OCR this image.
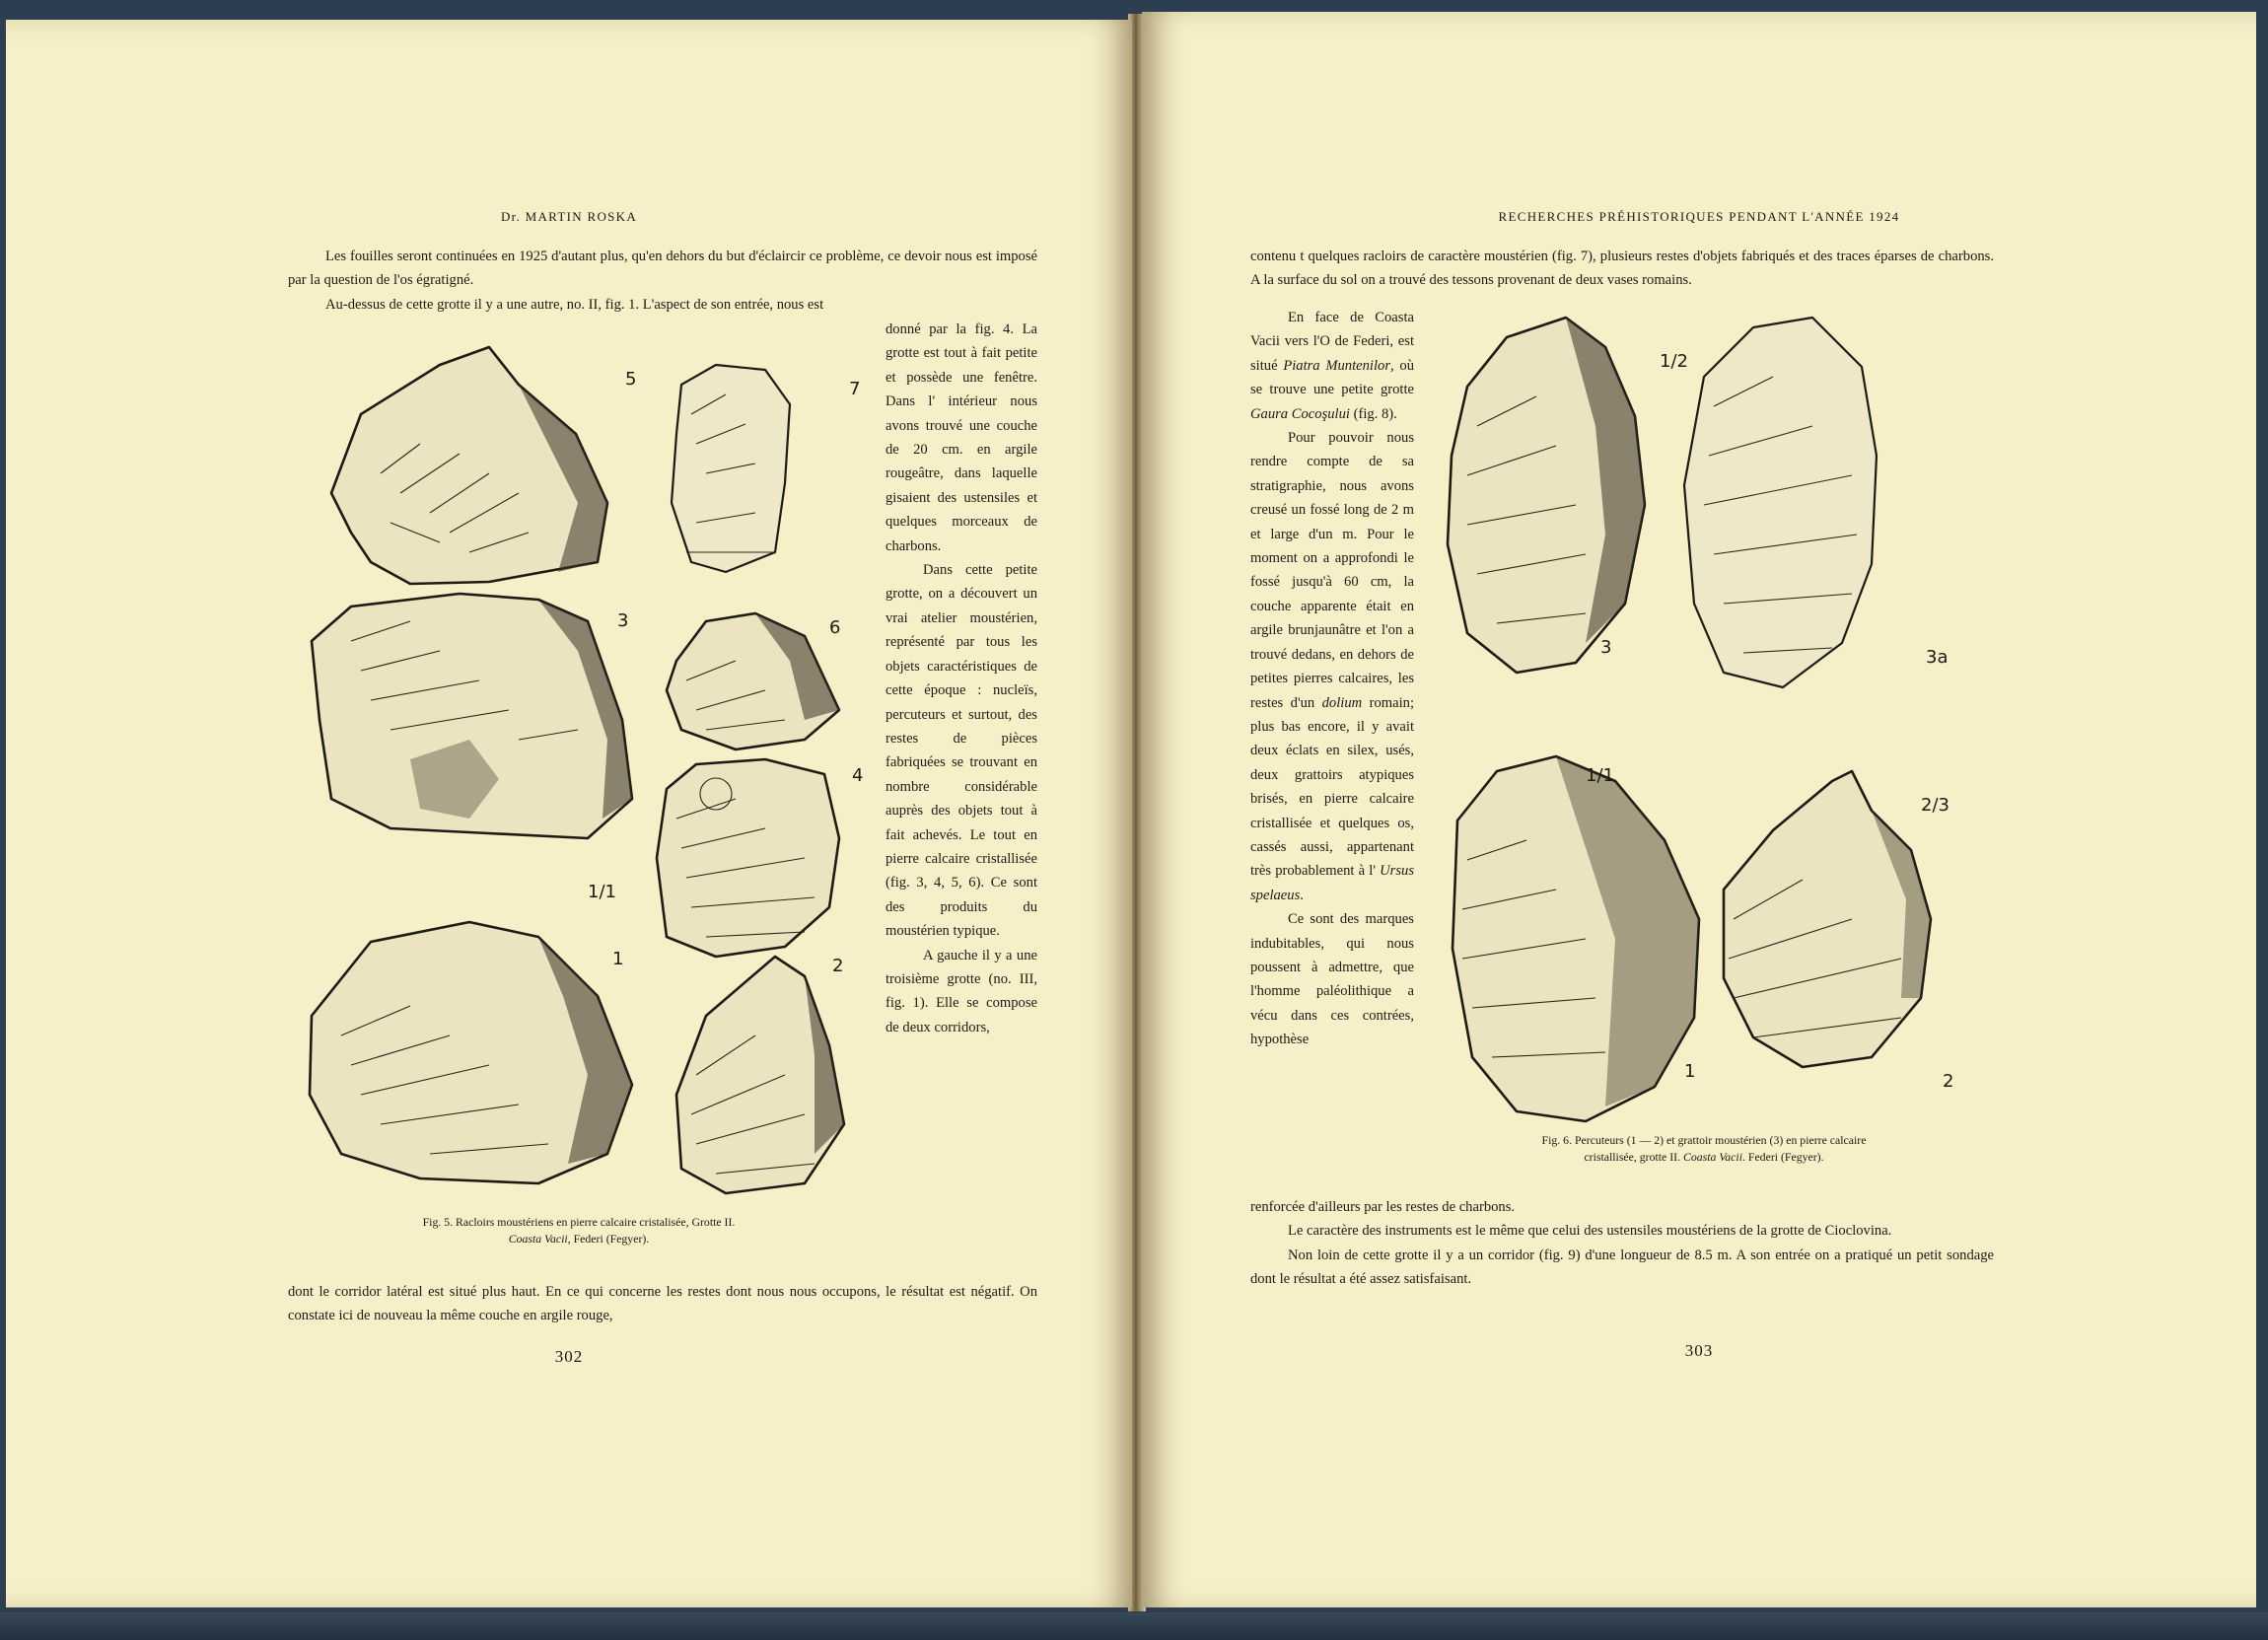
Dr. MARTIN ROSKA

Les fouilles seront continuées en 1925 d'autant plus, qu'en dehors du but d'éclaircir ce problème, ce devoir nous est imposé par la question de l'os égratigné.

Au-dessus de cette grotte il y a une autre, no. II, fig. 1. L'aspect de son entrée, nous est

donné par la fig. 4. La grotte est tout à fait petite et possède une fenêtre. Dans l' intérieur nous avons trouvé une couche de 20 cm. en argile rougeâtre, dans laquelle gisaient des ustensiles et quelques morceaux de charbons.

Dans cette petite grotte, on a découvert un vrai atelier moustérien, représenté par tous les objets caractéristiques de cette époque : nucleïs, percuteurs et surtout, des restes de pièces fabriquées se trouvant en nombre considérable auprès des objets tout à fait achevés. Le tout en pierre calcaire cristallisée (fig. 3, 4, 5, 6). Ce sont des produits du moustérien typique.

A gauche il y a une troisième grotte (no. III, fig. 1). Elle se compose de deux corridors,

5	7
3	6
4
1/1
1	2
Fig. 5. Racloirs moustériens en pierre calcaire cristalisée, Grotte II.
Coasta Vacii, Federi (Fegyer).
dont le corridor latéral est situé plus haut. En ce qui concerne les restes dont nous nous occupons, le résultat est négatif. On constate ici de nouveau la même couche en argile rouge,
302
RECHERCHES PRÉHISTORIQUES PENDANT L'ANNÉE 1924
contenu t quelques racloirs de caractère moustérien (fig. 7), plusieurs restes d'objets fabriqués et des traces éparses de charbons. A la surface du sol on a trouvé des tessons provenant de deux vases romains.

En face de Coasta Vacii vers l'O de Federi, est situé Piatra Muntenilor, où se trouve une petite grotte Gaura Cocoşului (fig. 8).

Pour pouvoir nous rendre compte de sa stratigraphie, nous avons creusé un fossé long de 2 m et large d'un m. Pour le moment on a approfondi le fossé jusqu'à 60 cm, la couche apparente était en argile brunjaunâtre et l'on a trouvé dedans, en dehors de petites pierres calcaires, les restes d'un dolium romain; plus bas encore, il y avait deux éclats en silex, usés, deux grattoirs atypiques brisés, en pierre calcaire cristallisée et quelques os, cassés aussi, appartenant très probablement à l' Ursus spelaeus.

Ce sont des marques indubitables, qui nous poussent à admettre, que l'homme paléolithique a vécu dans ces contrées, hypothèse

1/2
3	3a
1/1
2/3
1	2
Fig. 6. Percuteurs (1 — 2) et grattoir moustérien (3) en pierre calcaire
cristallisée, grotte II. Coasta Vacii. Federi (Fegyer).

renforcée d'ailleurs par les restes de charbons.

Le caractère des instruments est le même que celui des ustensiles moustériens de la grotte de Cioclovina.

Non loin de cette grotte il y a un corridor (fig. 9) d'une longueur de 8.5 m. A son entrée on a pratiqué un petit sondage dont le résultat a été assez satisfaisant.

303
